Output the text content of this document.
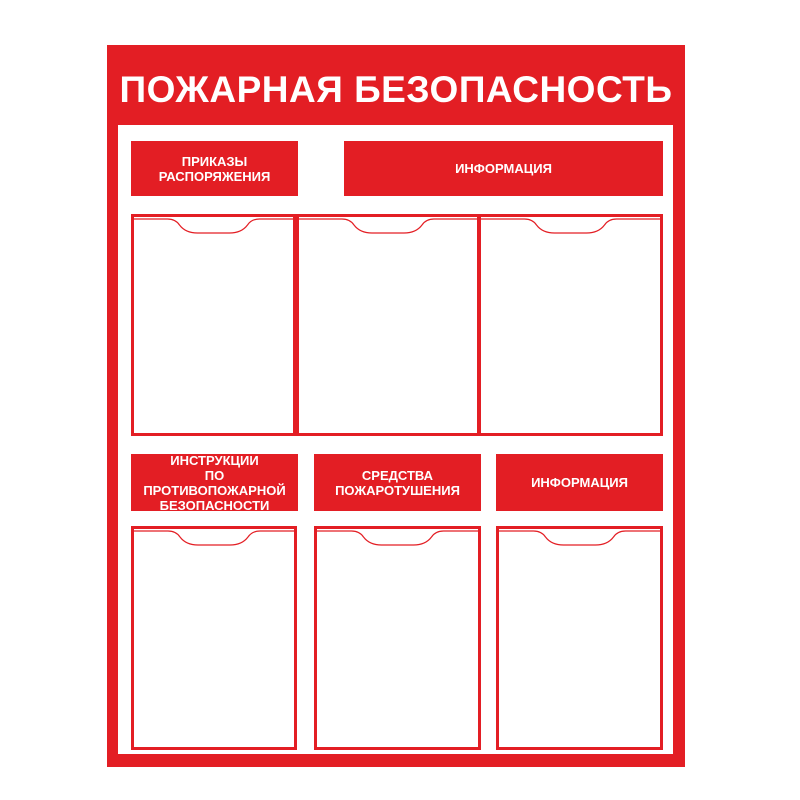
ПОЖАРНАЯ БЕЗОПАСНОСТЬ
ПРИКАЗЫ
РАСПОРЯЖЕНИЯ	ИНФОРМАЦИЯ
ИНСТРУКЦИИ
ПО ПРОТИВОПОЖАРНОЙ
БЕЗОПАСНОСТИ
СРЕДСТВА
ПОЖАРОТУШЕНИЯ	ИНФОРМАЦИЯ
